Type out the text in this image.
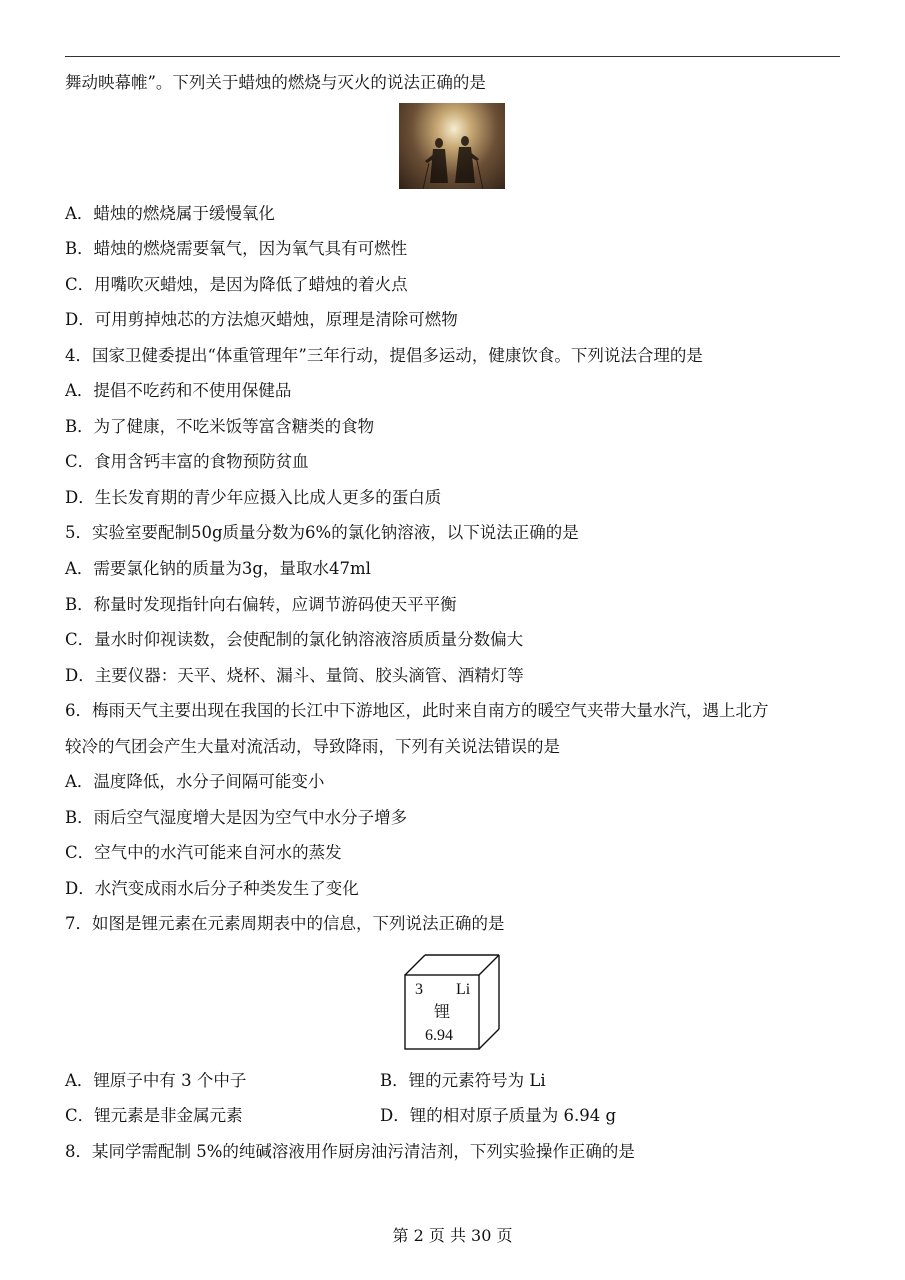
舞动映幕帷”。下列关于蜡烛的燃烧与灭火的说法正确的是
A．蜡烛的燃烧属于缓慢氧化
B．蜡烛的燃烧需要氧气，因为氧气具有可燃性
C．用嘴吹灭蜡烛，是因为降低了蜡烛的着火点
D．可用剪掉烛芯的方法熄灭蜡烛，原理是清除可燃物
4．国家卫健委提出“体重管理年”三年行动，提倡多运动，健康饮食。下列说法合理的是
A．提倡不吃药和不使用保健品
B．为了健康，不吃米饭等富含糖类的食物
C．食用含钙丰富的食物预防贫血
D．生长发育期的青少年应摄入比成人更多的蛋白质
5．实验室要配制50g质量分数为6%的氯化钠溶液，以下说法正确的是
A．需要氯化钠的质量为3g，量取水47ml
B．称量时发现指针向右偏转，应调节游码使天平平衡
C．量水时仰视读数，会使配制的氯化钠溶液溶质质量分数偏大
D．主要仪器：天平、烧杯、漏斗、量筒、胶头滴管、酒精灯等
6．梅雨天气主要出现在我国的长江中下游地区，此时来自南方的暖空气夹带大量水汽，遇上北方
较冷的气团会产生大量对流活动，导致降雨，下列有关说法错误的是
A．温度降低，水分子间隔可能变小
B．雨后空气湿度增大是因为空气中水分子增多
C．空气中的水汽可能来自河水的蒸发
D．水汽变成雨水后分子种类发生了变化
7．如图是锂元素在元素周期表中的信息，下列说法正确的是
3 Li
锂
6.94
A．锂原子中有 3 个中子	B．锂的元素符号为 Li
C．锂元素是非金属元素	D．锂的相对原子质量为 6.94 g
8．某同学需配制 5%的纯碱溶液用作厨房油污清洁剂，下列实验操作正确的是
第 2 页 共 30 页
